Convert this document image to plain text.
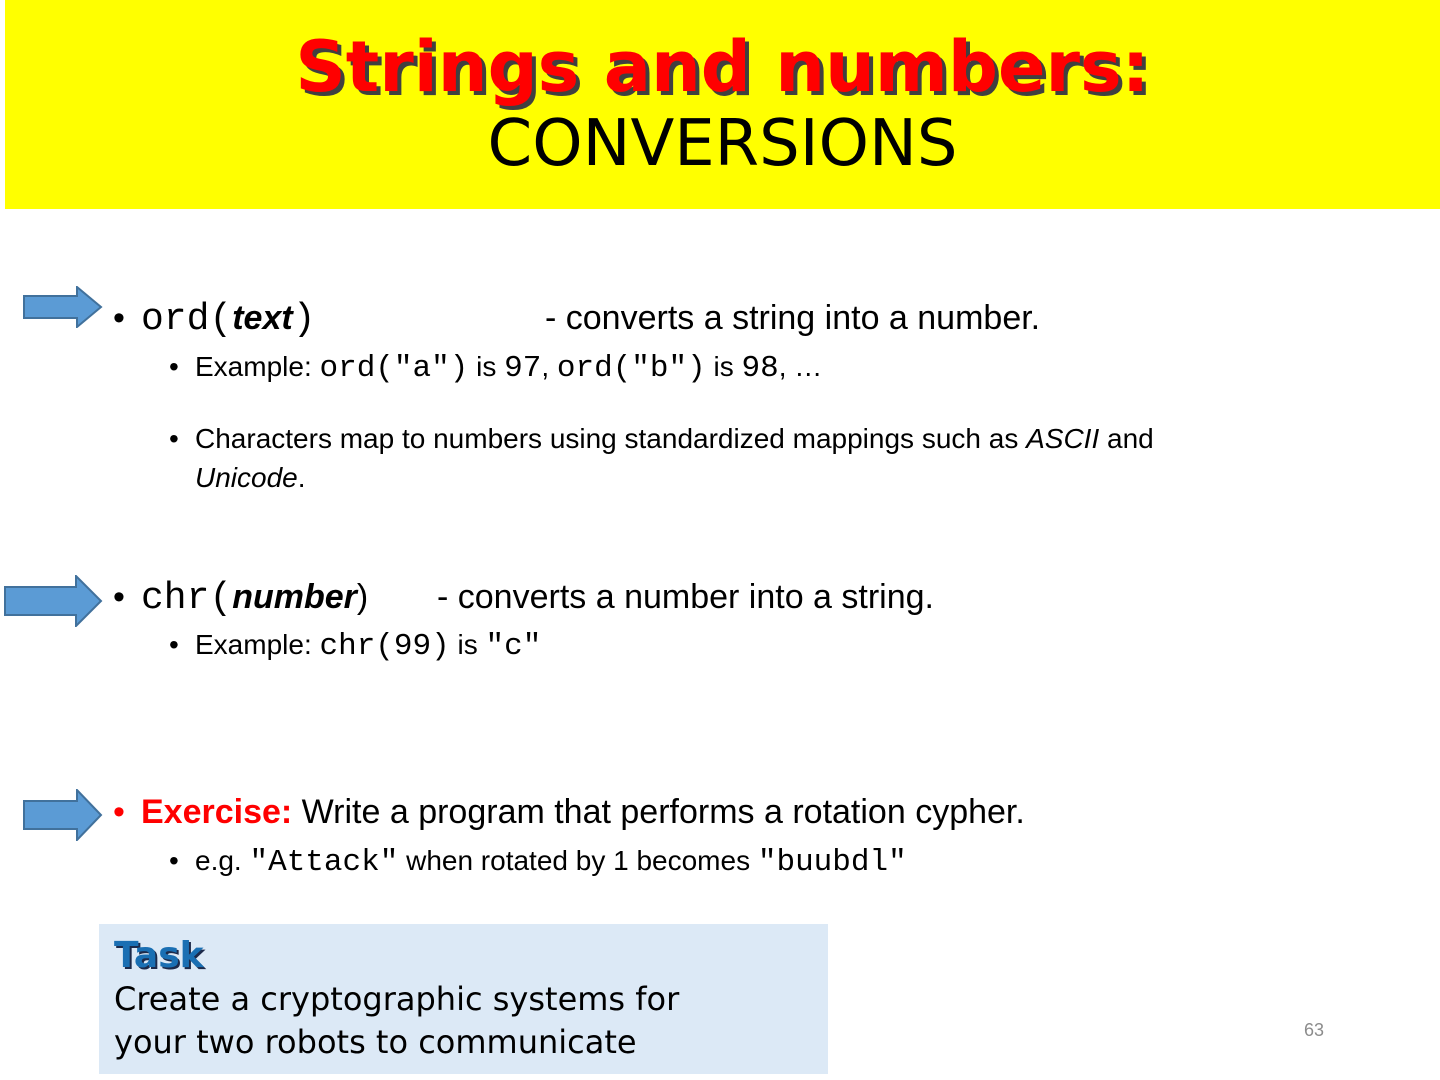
Strings and numbers:
CONVERSIONS
• ord(text)	- converts a string into a number.
• Example: ord("a") is 97, ord("b") is 98, …
• Characters map to numbers using standardized mappings such as ASCII and
Unicode.
• chr(number) - converts a number into a string.
• Example: chr(99) is "c"
• Exercise: Write a program that performs a rotation cypher.
• e.g. "Attack" when rotated by 1 becomes "buubdl"
Task
Create a cryptographic systems for
your two robots to communicate	63
